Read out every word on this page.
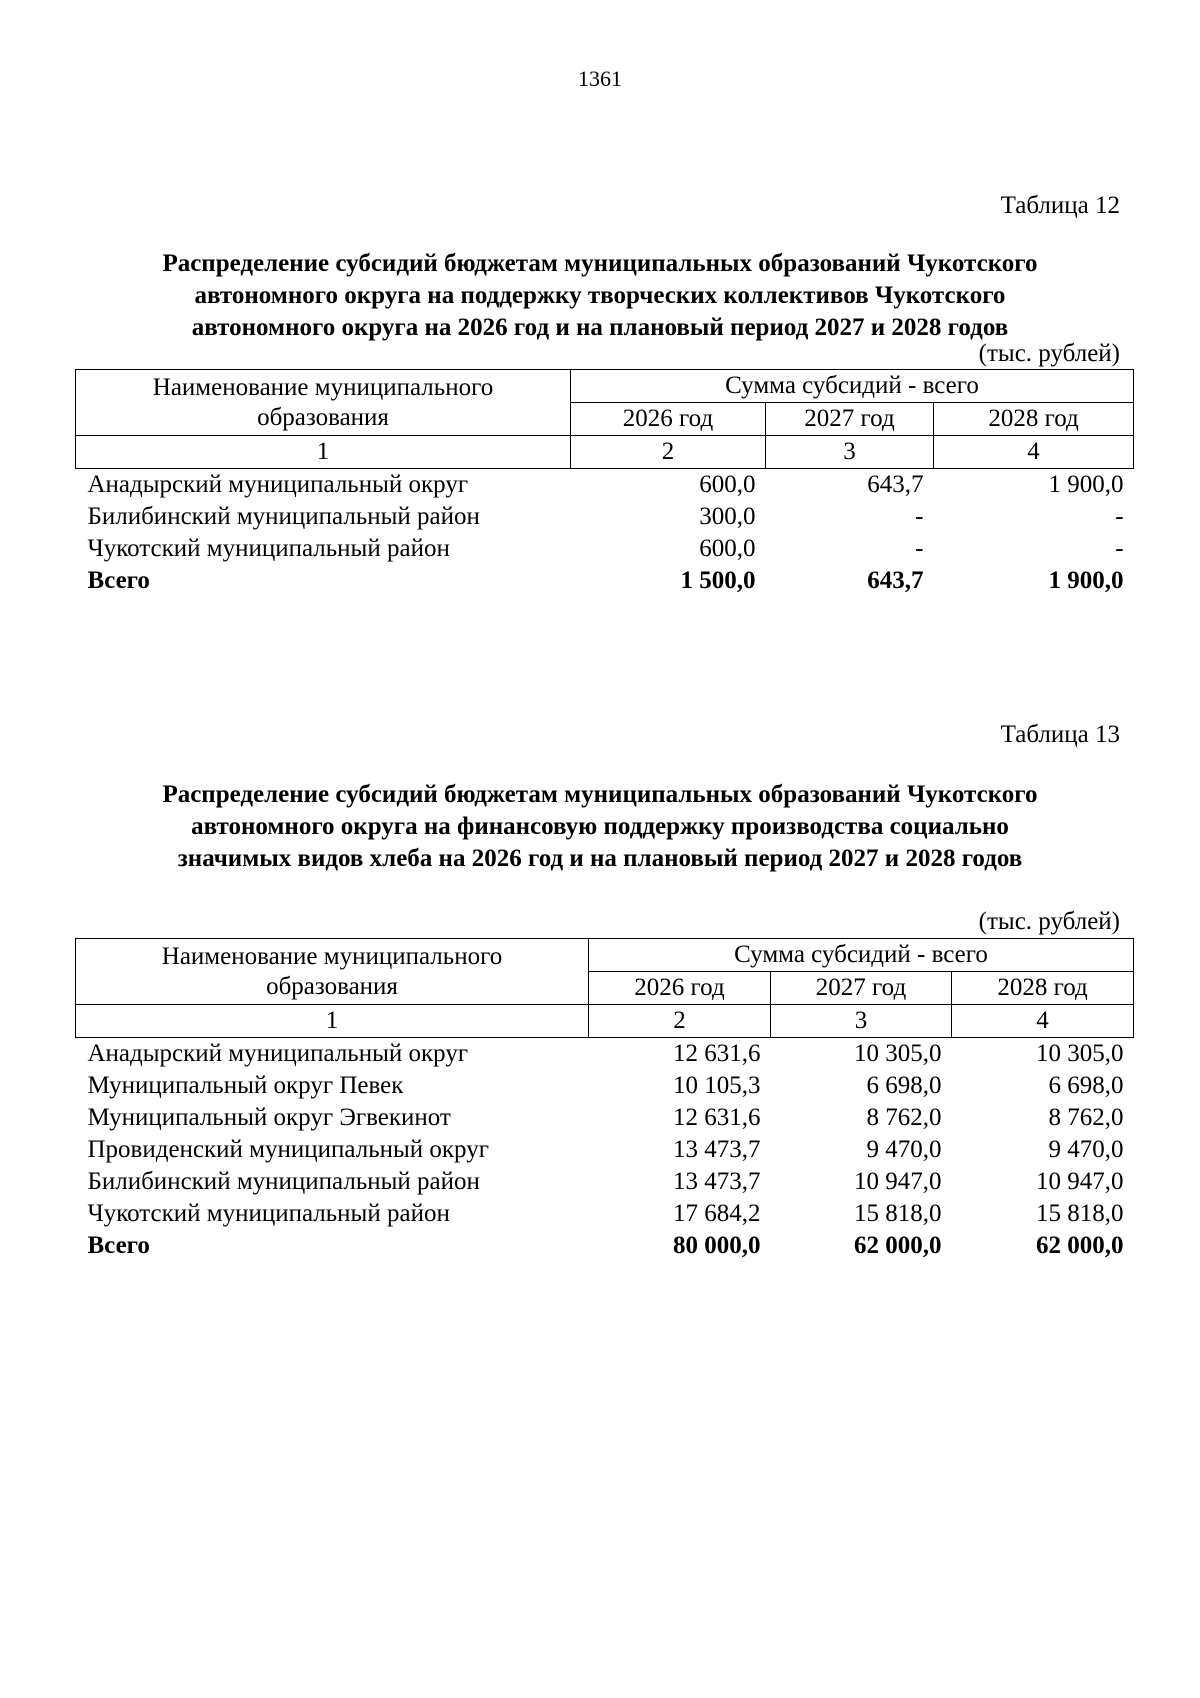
1361
Таблица 12
Распределение субсидий бюджетам муниципальных образований Чукотского
автономного округа на поддержку творческих коллективов Чукотского
автономного округа на 2026 год и на плановый период 2027 и 2028 годов
(тыс. рублей)
Наименование муниципального образования	Сумма субсидий - всего		
	2026 год	2027 год	2028 год
1	2	3	4
Анадырский муниципальный округ	600,0	643,7	1 900,0
Билибинский муниципальный район	300,0	-	-
Чукотский муниципальный район	600,0	-	-
Всего	1 500,0	643,7	1 900,0
Таблица 13
Распределение субсидий бюджетам муниципальных образований Чукотского
автономного округа на финансовую поддержку производства социально
значимых видов хлеба на 2026 год и на плановый период 2027 и 2028 годов
(тыс. рублей)
Наименование муниципального образования	Сумма субсидий - всего		
	2026 год	2027 год	2028 год
1	2	3	4
Анадырский муниципальный округ	12 631,6	10 305,0	10 305,0
Муниципальный округ Певек	10 105,3	6 698,0	6 698,0
Муниципальный округ Эгвекинот	12 631,6	8 762,0	8 762,0
Провиденский муниципальный округ	13 473,7	9 470,0	9 470,0
Билибинский муниципальный район	13 473,7	10 947,0	10 947,0
Чукотский муниципальный район	17 684,2	15 818,0	15 818,0
Всего	80 000,0	62 000,0	62 000,0
